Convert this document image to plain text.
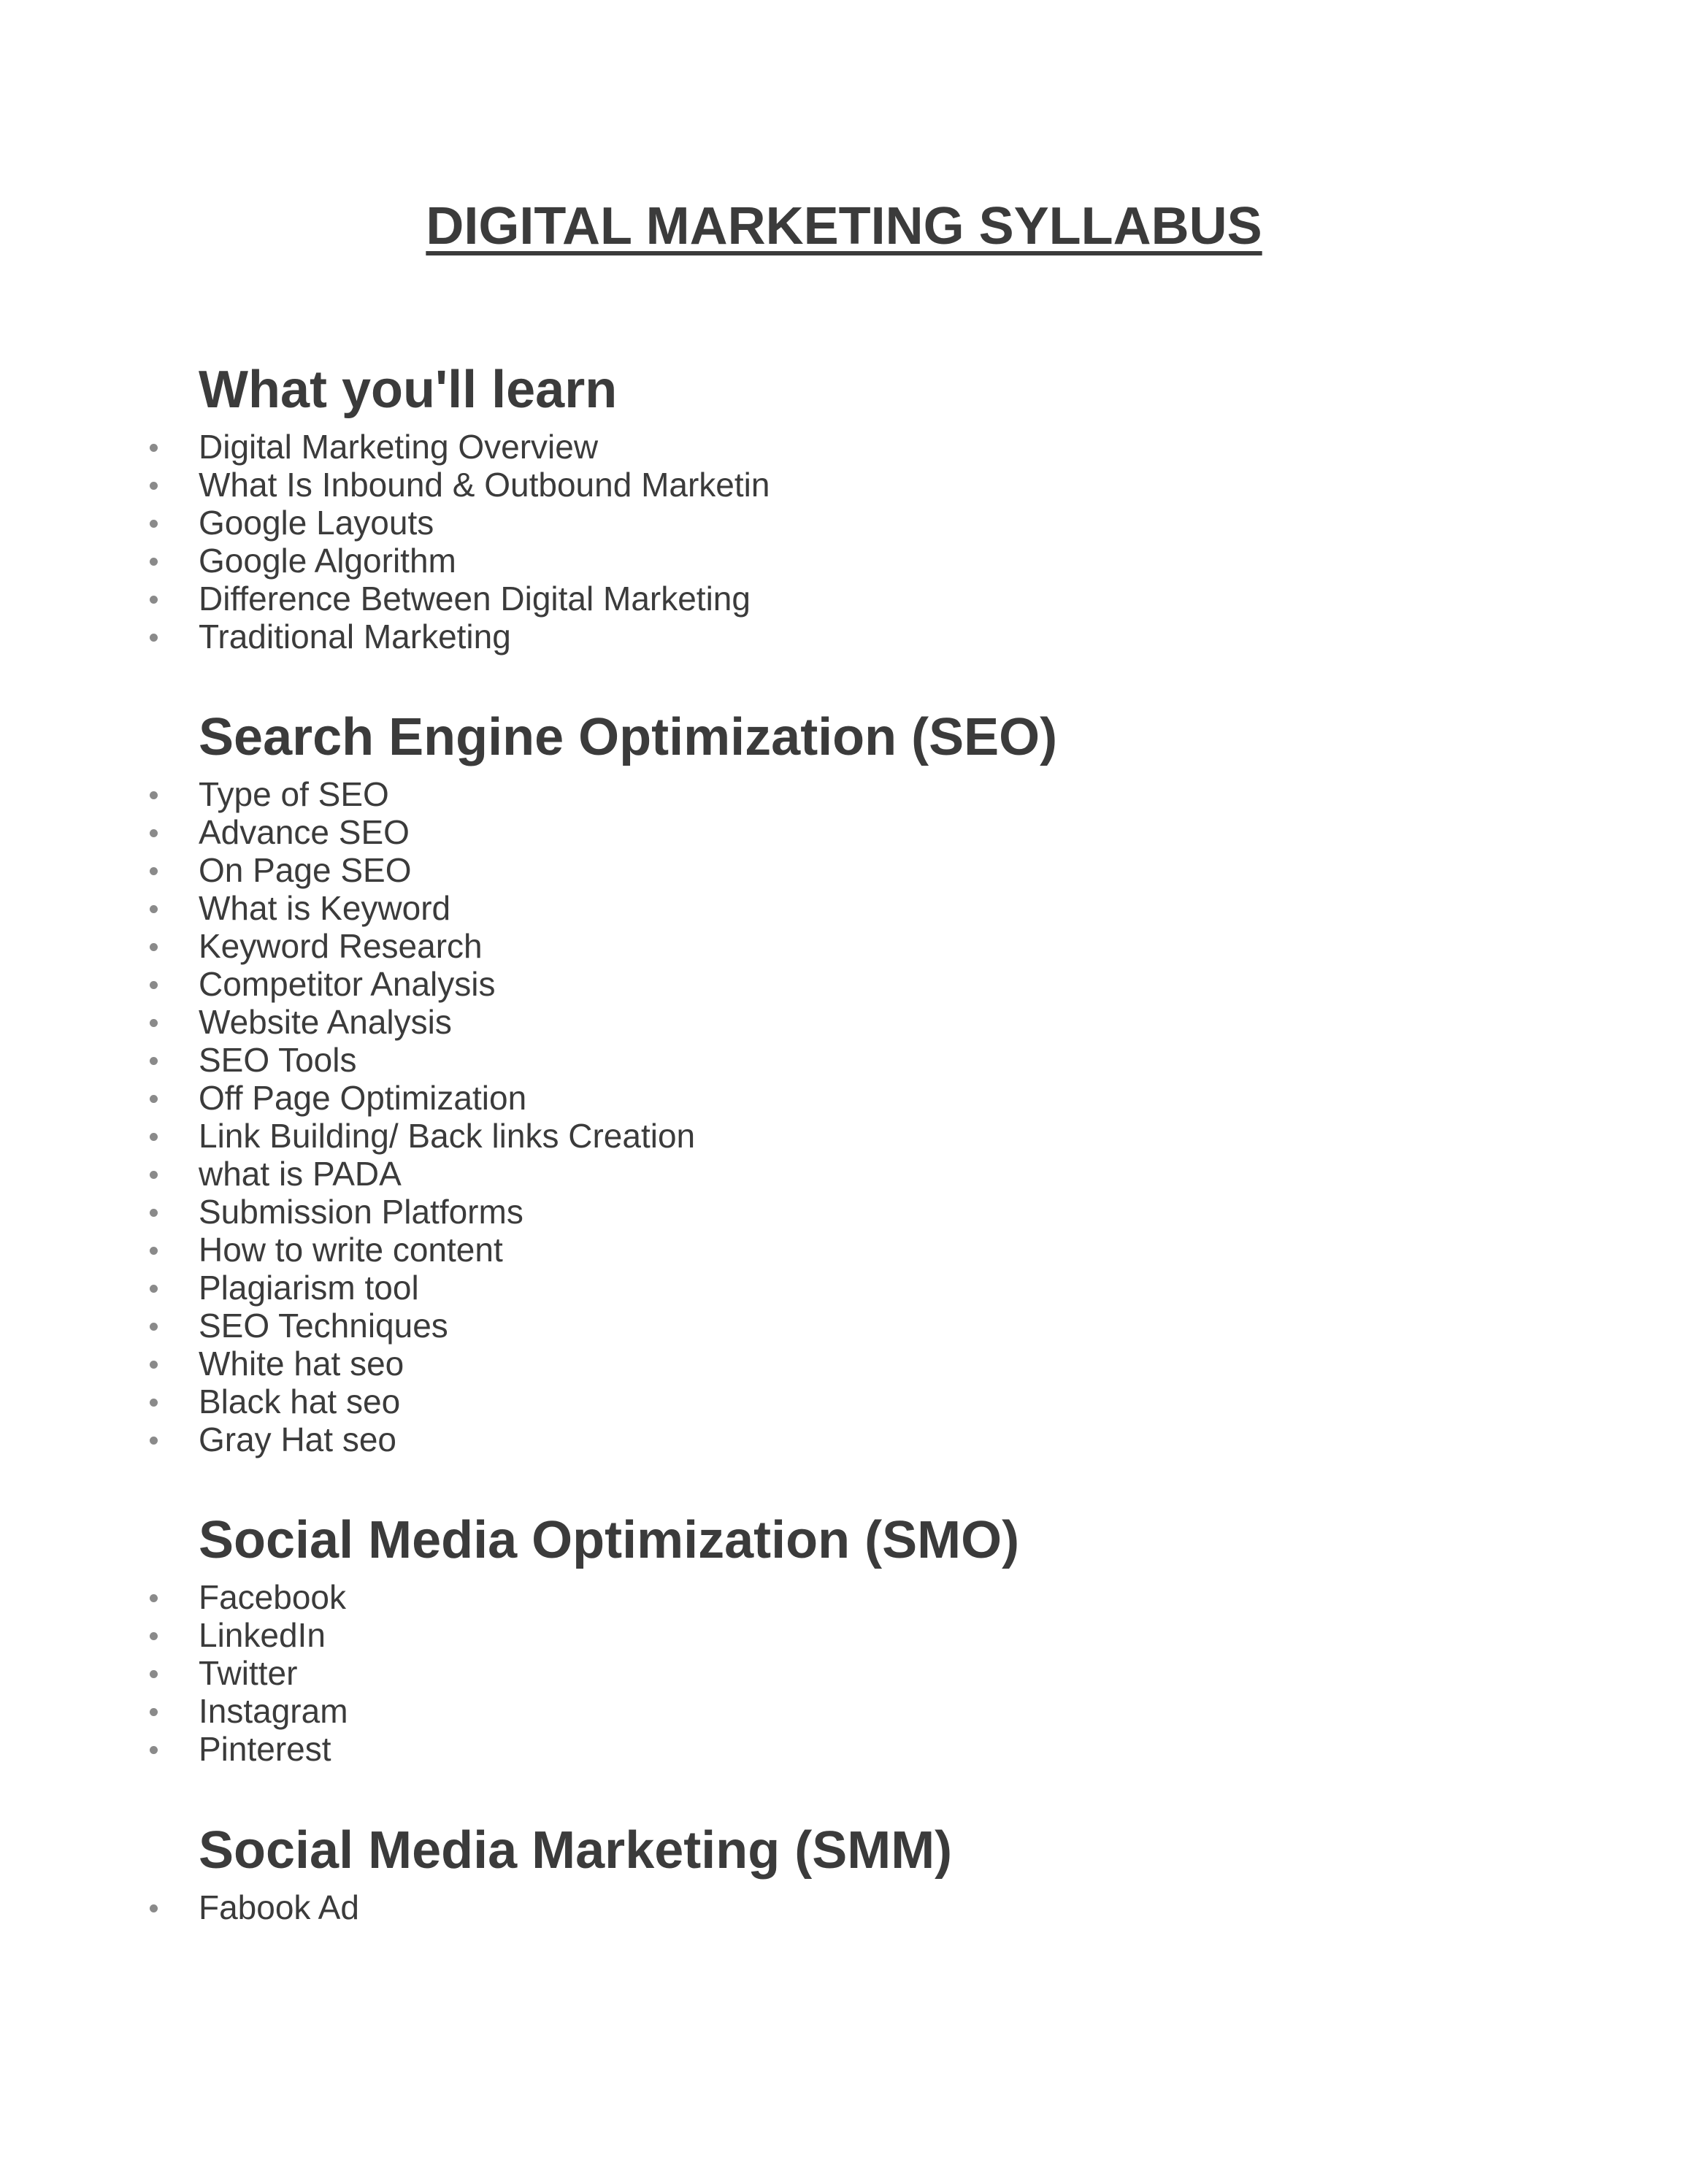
DIGITAL MARKETING SYLLABUS
What you'll learn
Digital Marketing Overview
What Is Inbound & Outbound Marketin
Google Layouts
Google Algorithm
Difference Between Digital Marketing
Traditional Marketing
Search Engine Optimization (SEO)
Type of SEO
Advance SEO
On Page SEO
What is Keyword
Keyword Research
Competitor Analysis
Website Analysis
SEO Tools
Off Page Optimization
Link Building/ Back links Creation
what is PADA
Submission Platforms
How to write content
Plagiarism tool
SEO Techniques
White hat seo
Black hat seo
Gray Hat seo
Social Media Optimization (SMO)
Facebook
LinkedIn
Twitter
Instagram
Pinterest
Social Media Marketing (SMM)
Fabook Ad
